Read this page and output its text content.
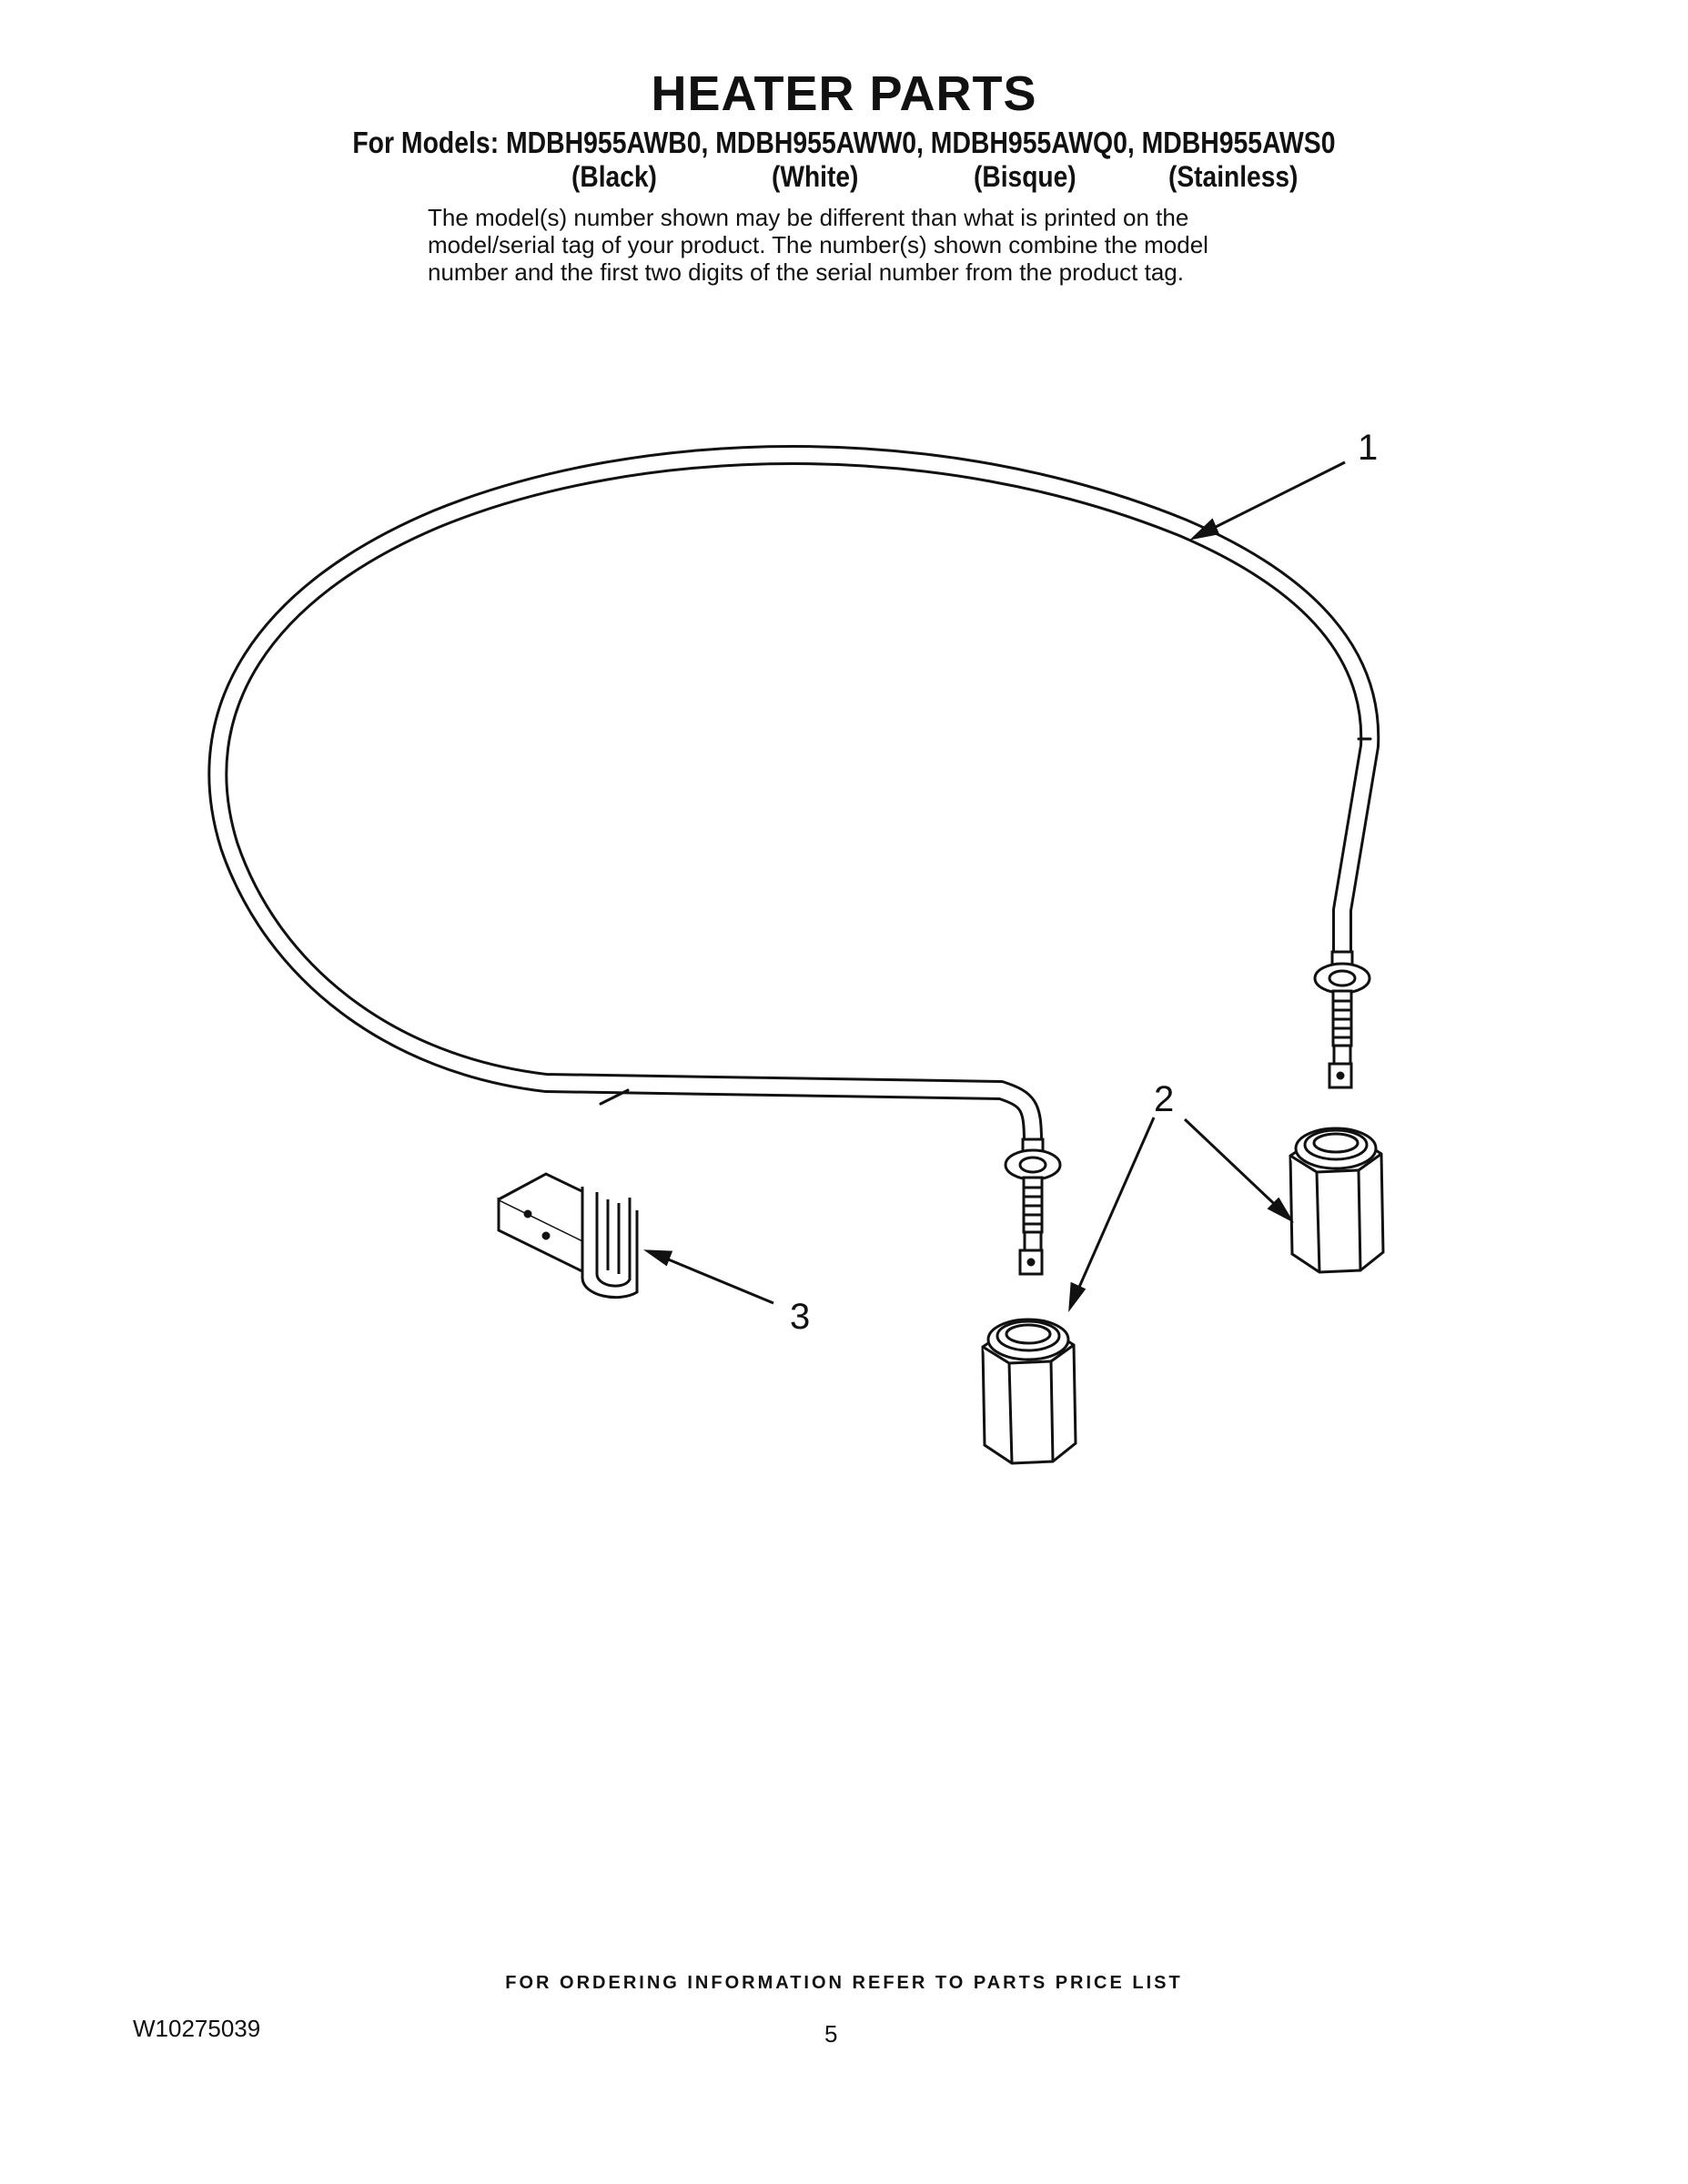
HEATER PARTS
For Models: MDBH955AWB0, MDBH955AWW0, MDBH955AWQ0, MDBH955AWS0
(Black)	(White)	(Bisque)	(Stainless)
The model(s) number shown may be different than what is printed on the
model/serial tag of your product. The number(s) shown combine the model
number and the first two digits of the serial number from the product tag.
1
2
3
FOR ORDERING INFORMATION REFER TO PARTS PRICE LIST
W10275039	5
